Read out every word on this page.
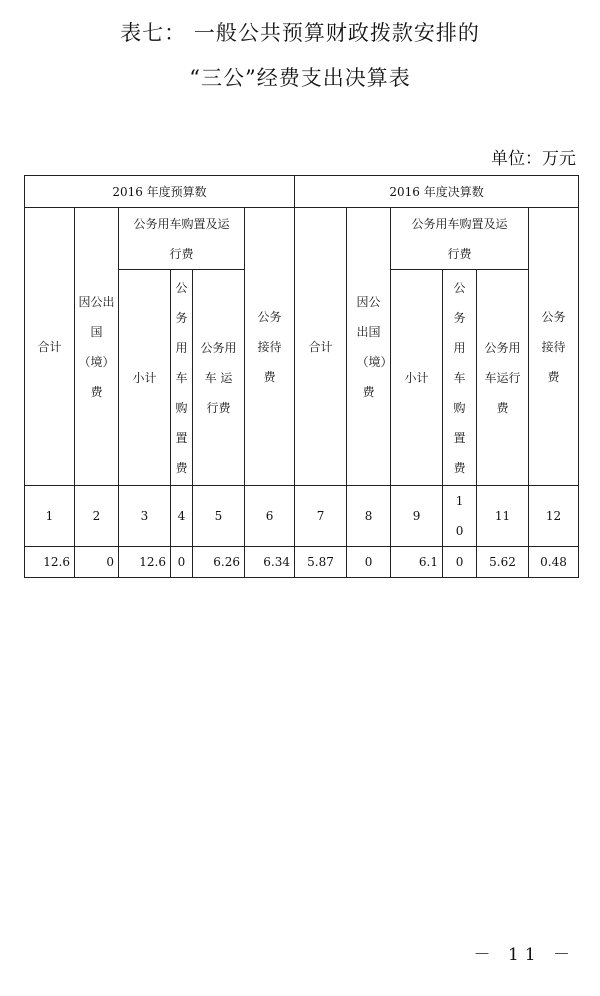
表七： 一般公共预算财政拨款安排的
“三公”经费支出决算表
单位：万元
2016 年度预算数						2016 年度决算数					
合计	因公出国（境）费	公务用车购置及运行费			公务接待费	合计	因公出国（境）费	公务用车购置及运行费			公务接待费
		小计	公务用车购置费	公务用车 运行费				小计	公务用车购置费	公务用车运行费	
1	2	3	4	5	6	7	8	9	10	11	12
12.6	0	12.6	0	6.26	6.34	5.87	0	6.1	0	5.62	0.48
－ 11 －
